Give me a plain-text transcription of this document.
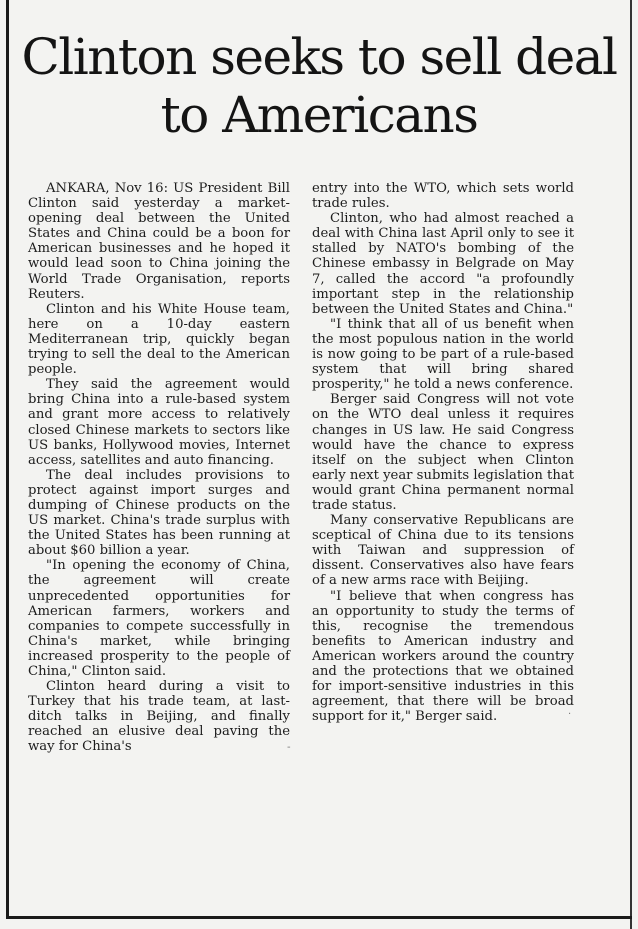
Clinton seeks to sell deal to Americans

ANKARA, Nov 16: US President Bill Clinton said yesterday a market-opening deal between the United States and China could be a boon for American businesses and he hoped it would lead soon to China joining the World Trade Organisation, reports Reuters.

Clinton and his White House team, here on a 10-day eastern Mediterranean trip, quickly began trying to sell the deal to the American people.

They said the agreement would bring China into a rule-based system and grant more access to relatively closed Chinese markets to sectors like US banks, Hollywood movies, Internet access, satellites and auto financing.

The deal includes provisions to protect against import surges and dumping of Chinese products on the US market. China's trade surplus with the United States has been running at about $60 billion a year.

"In opening the economy of China, the agreement will create unprecedented opportunities for American farmers, workers and companies to compete successfully in China's market, while bringing increased prosperity to the people of China," Clinton said.

Clinton heard during a visit to Turkey that his trade team, at last-ditch talks in Beijing, and finally reached an elusive deal paving the way for China's

entry into the WTO, which sets world trade rules.

Clinton, who had almost reached a deal with China last April only to see it stalled by NATO's bombing of the Chinese embassy in Belgrade on May 7, called the accord "a profoundly important step in the relationship between the United States and China."

"I think that all of us benefit when the most populous nation in the world is now going to be part of a rule-based system that will bring shared prosperity," he told a news conference.

Berger said Congress will not vote on the WTO deal unless it requires changes in US law. He said Congress would have the chance to express itself on the subject when Clinton early next year submits legislation that would grant China permanent normal trade status.

Many conservative Republicans are sceptical of China due to its tensions with Taiwan and suppression of dissent. Conservatives also have fears of a new arms race with Beijing.

"I believe that when congress has an opportunity to study the terms of this, recognise the tremendous benefits to American industry and American workers around the country and the protections that we obtained for import-sensitive industries in this agreement, that there will be broad support for it," Berger said.

-
.
